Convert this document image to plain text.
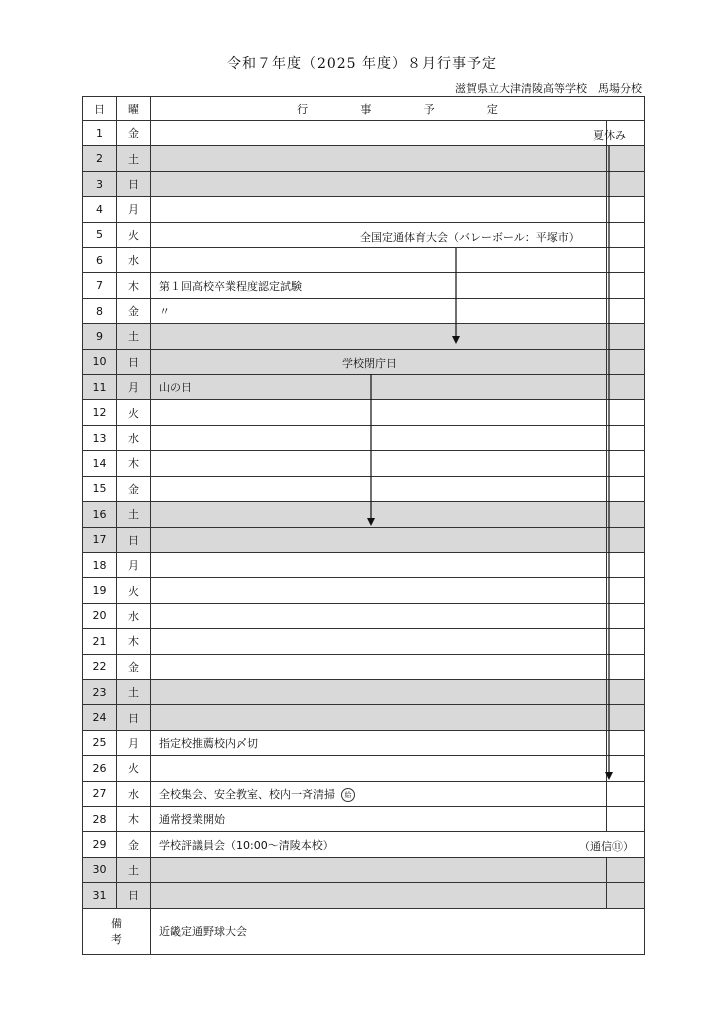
令和７年度（2025 年度）８月行事予定
滋賀県立大津清陵高等学校　馬場分校
日	曜	行 事 予 定	

1	金		
2	土		
3	日		
4	月		
5	火		
6	水		
7	木	第１回高校卒業程度認定試験	
8	金	〃	
9	土		
10	日		
11	月	山の日	
12	火		
13	水		
14	木		
15	金		
16	土		
17	日		
18	月		
19	火		
20	水		
21	木		
22	金		
23	土		
24	日		
25	月	指定校推薦校内〆切	
26	火		
27	水	全校集会、安全教室、校内一斉清掃 給	
28	木	通常授業開始	
29	金	学校評議員会（10:00〜清陵本校） （通信⑪）	

30	土		
31	日		
備考		近畿定通野球大会	
夏休み
全国定通体育大会（バレーボール：平塚市）
学校閉庁日
